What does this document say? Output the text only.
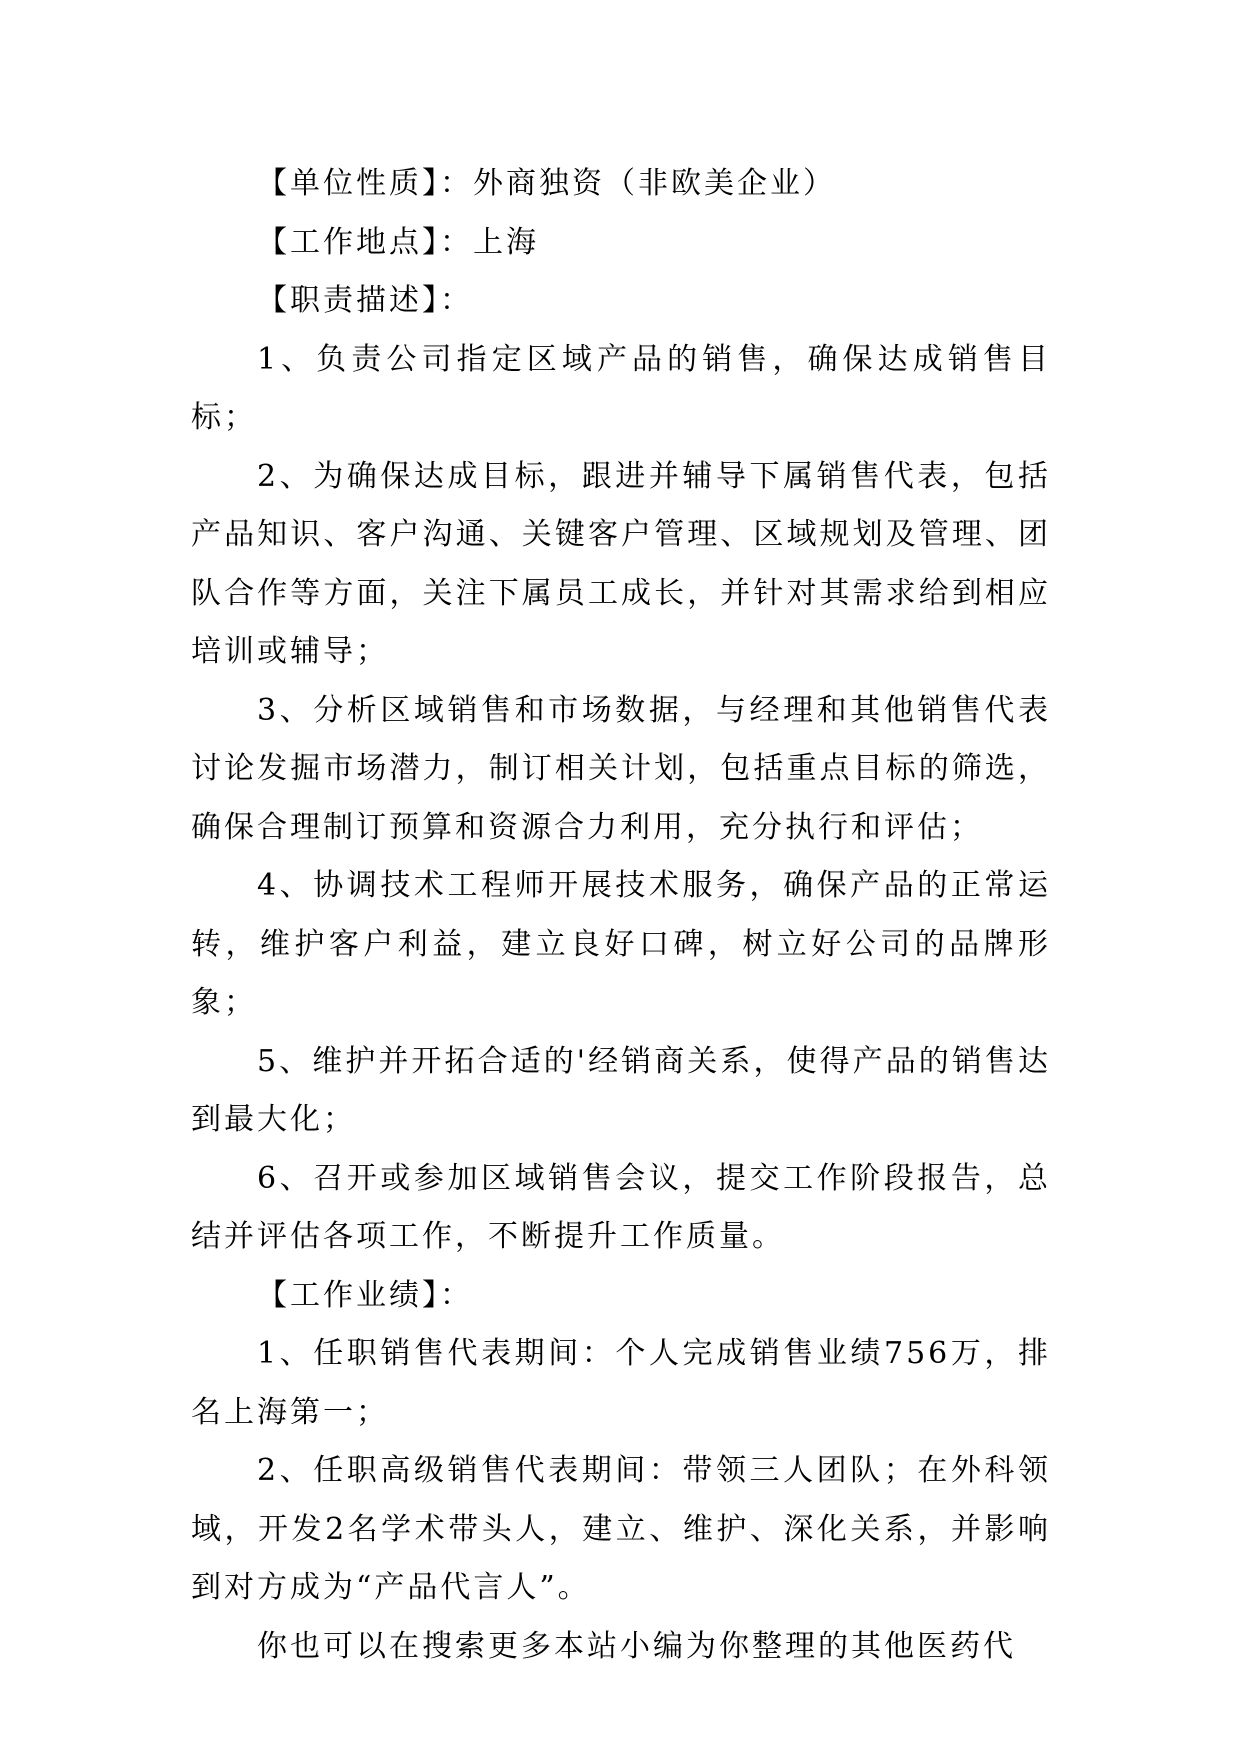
【单位性质】：外商独资（非欧美企业）

【工作地点】：上海

【职责描述】：

1、负责公司指定区域产品的销售，确保达成销售目标；

2、为确保达成目标，跟进并辅导下属销售代表，包括产品知识、客户沟通、关键客户管理、区域规划及管理、团队合作等方面，关注下属员工成长，并针对其需求给到相应培训或辅导；

3、分析区域销售和市场数据，与经理和其他销售代表讨论发掘市场潜力，制订相关计划，包括重点目标的筛选，确保合理制订预算和资源合力利用，充分执行和评估；

4、协调技术工程师开展技术服务，确保产品的正常运转，维护客户利益，建立良好口碑，树立好公司的品牌形象；

5、维护并开拓合适的'经销商关系，使得产品的销售达到最大化；

6、召开或参加区域销售会议，提交工作阶段报告，总结并评估各项工作，不断提升工作质量。

【工作业绩】：

1、任职销售代表期间：个人完成销售业绩756万，排名上海第一；

2、任职高级销售代表期间：带领三人团队；在外科领域，开发2名学术带头人，建立、维护、深化关系，并影响到对方成为“产品代言人”。

你也可以在搜索更多本站小编为你整理的其他医药代
